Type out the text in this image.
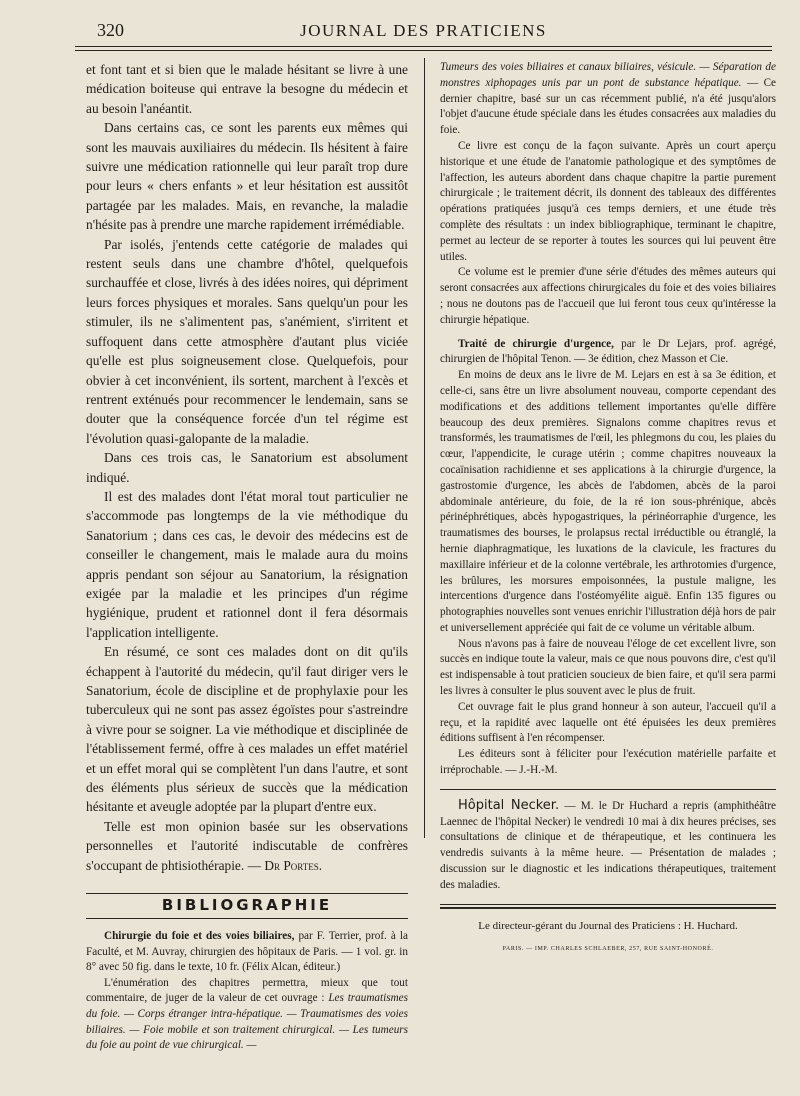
320	JOURNAL DES PRATICIENS

et font tant et si bien que le malade hésitant se livre à une médication boiteuse qui entrave la besogne du médecin et au besoin l'anéantit.

Dans certains cas, ce sont les parents eux mêmes qui sont les mauvais auxiliaires du médecin. Ils hésitent à faire suivre une médication rationnelle qui leur paraît trop dure pour leurs « chers enfants » et leur hésitation est aussitôt partagée par les malades. Mais, en revanche, la maladie n'hésite pas à prendre une marche rapidement irrémédiable.

Par isolés, j'entends cette catégorie de malades qui restent seuls dans une chambre d'hôtel, quelquefois surchauffée et close, livrés à des idées noires, qui dépriment leurs forces physiques et morales. Sans quelqu'un pour les stimuler, ils ne s'alimentent pas, s'anémient, s'irritent et suffoquent dans cette atmosphère d'autant plus viciée qu'elle est plus soigneusement close. Quelquefois, pour obvier à cet inconvénient, ils sortent, marchent à l'excès et rentrent exténués pour recommencer le lendemain, sans se douter que la conséquence forcée d'un tel régime est l'évolution quasi-galopante de la maladie.

Dans ces trois cas, le Sanatorium est absolument indiqué.

Il est des malades dont l'état moral tout particulier ne s'accommode pas longtemps de la vie méthodique du Sanatorium ; dans ces cas, le devoir des médecins est de conseiller le changement, mais le malade aura du moins appris pendant son séjour au Sanatorium, la résignation exigée par la maladie et les principes d'un régime hygiénique, prudent et rationnel dont il fera désormais l'application intelligente.

En résumé, ce sont ces malades dont on dit qu'ils échappent à l'autorité du médecin, qu'il faut diriger vers le Sanatorium, école de discipline et de prophylaxie pour les tuberculeux qui ne sont pas assez égoïstes pour s'astreindre à vivre pour se soigner. La vie méthodique et disciplinée de l'établissement fermé, offre à ces malades un effet matériel et un effet moral qui se complètent l'un dans l'autre, et sont des éléments plus sérieux de succès que la médication hésitante et aveugle adoptée par la plupart d'entre eux.

Telle est mon opinion basée sur les observations personnelles et l'autorité indiscutable de confrères s'occupant de phtisiothérapie. — Dr Portes.

BIBLIOGRAPHIE

Chirurgie du foie et des voies biliaires, par F. Terrier, prof. à la Faculté, et M. Auvray, chirurgien des hôpitaux de Paris. — 1 vol. gr. in 8° avec 50 fig. dans le texte, 10 fr. (Félix Alcan, éditeur.)

L'énumération des chapitres permettra, mieux que tout commentaire, de juger de la valeur de cet ouvrage : Les traumatismes du foie. — Corps étranger intra-hépatique. — Traumatismes des voies biliaires. — Foie mobile et son traitement chirurgical. — Les tumeurs du foie au point de vue chirurgical. —

Tumeurs des voies biliaires et canaux biliaires, vésicule. — Séparation de monstres xiphopages unis par un pont de substance hépatique. — Ce dernier chapitre, basé sur un cas récemment publié, n'a été jusqu'alors l'objet d'aucune étude spéciale dans les études consacrées aux maladies du foie.

Ce livre est conçu de la façon suivante. Après un court aperçu historique et une étude de l'anatomie pathologique et des symptômes de l'affection, les auteurs abordent dans chaque chapitre la partie purement chirurgicale ; le traitement décrit, ils donnent des tableaux des différentes opérations pratiquées jusqu'à ces temps derniers, et une étude très complète des résultats : un index bibliographique, terminant le chapitre, permet au lecteur de se reporter à toutes les sources qui lui peuvent être utiles.

Ce volume est le premier d'une série d'études des mêmes auteurs qui seront consacrées aux affections chirurgicales du foie et des voies biliaires ; nous ne doutons pas de l'accueil que lui feront tous ceux qu'intéresse la chirurgie hépatique.

Traité de chirurgie d'urgence, par le Dr Lejars, prof. agrégé, chirurgien de l'hôpital Tenon. — 3e édition, chez Masson et Cie.

En moins de deux ans le livre de M. Lejars en est à sa 3e édition, et celle-ci, sans être un livre absolument nouveau, comporte cependant des modifications et des additions tellement importantes qu'elle diffère beaucoup des deux premières. Signalons comme chapitres revus et transformés, les traumatismes de l'œil, les phlegmons du cou, les plaies du cœur, l'appendicite, le curage utérin ; comme chapitres nouveaux la cocaïnisation rachidienne et ses applications à la chirurgie d'urgence, la gastrostomie d'urgence, les abcès de l'abdomen, abcès de la paroi abdominale antérieure, du foie, de la ré ion sous-phrénique, abcès périnéphrétiques, abcès hypogastriques, la périnéorraphie d'urgence, les traumatismes des bourses, le prolapsus rectal irréductible ou étranglé, la hernie diaphragmatique, les luxations de la clavicule, les fractures du maxillaire inférieur et de la colonne vertébrale, les arthrotomies d'urgence, les brûlures, les morsures empoisonnées, la pustule maligne, les intercentions d'urgence dans l'ostéomyélite aiguë. Enfin 135 figures ou photographies nouvelles sont venues enrichir l'illustration déjà hors de pair et universellement appréciée qui fait de ce volume un véritable album.

Nous n'avons pas à faire de nouveau l'éloge de cet excellent livre, son succès en indique toute la valeur, mais ce que nous pouvons dire, c'est qu'il est indispensable à tout praticien soucieux de bien faire, et qu'il sera parmi les livres à consulter le plus souvent avec le plus de fruit.

Cet ouvrage fait le plus grand honneur à son auteur, l'accueil qu'il a reçu, et la rapidité avec laquelle ont été épuisées les deux premières éditions suffisent à l'en récompenser.

Les éditeurs sont à féliciter pour l'exécution matérielle parfaite et irréprochable. — J.-H.-M.

Hôpital Necker. — M. le Dr Huchard a repris (amphithéâtre Laennec de l'hôpital Necker) le vendredi 10 mai à dix heures précises, ses consultations de clinique et de thérapeutique, et les continuera les vendredis suivants à la même heure. — Présentation de malades ; discussion sur le diagnostic et les indications thérapeutiques, traitement des maladies.

Le directeur-gérant du Journal des Praticiens : H. Huchard.
PARIS. — IMP. CHARLES SCHLAEBER, 257, RUE SAINT-HONORÉ.
